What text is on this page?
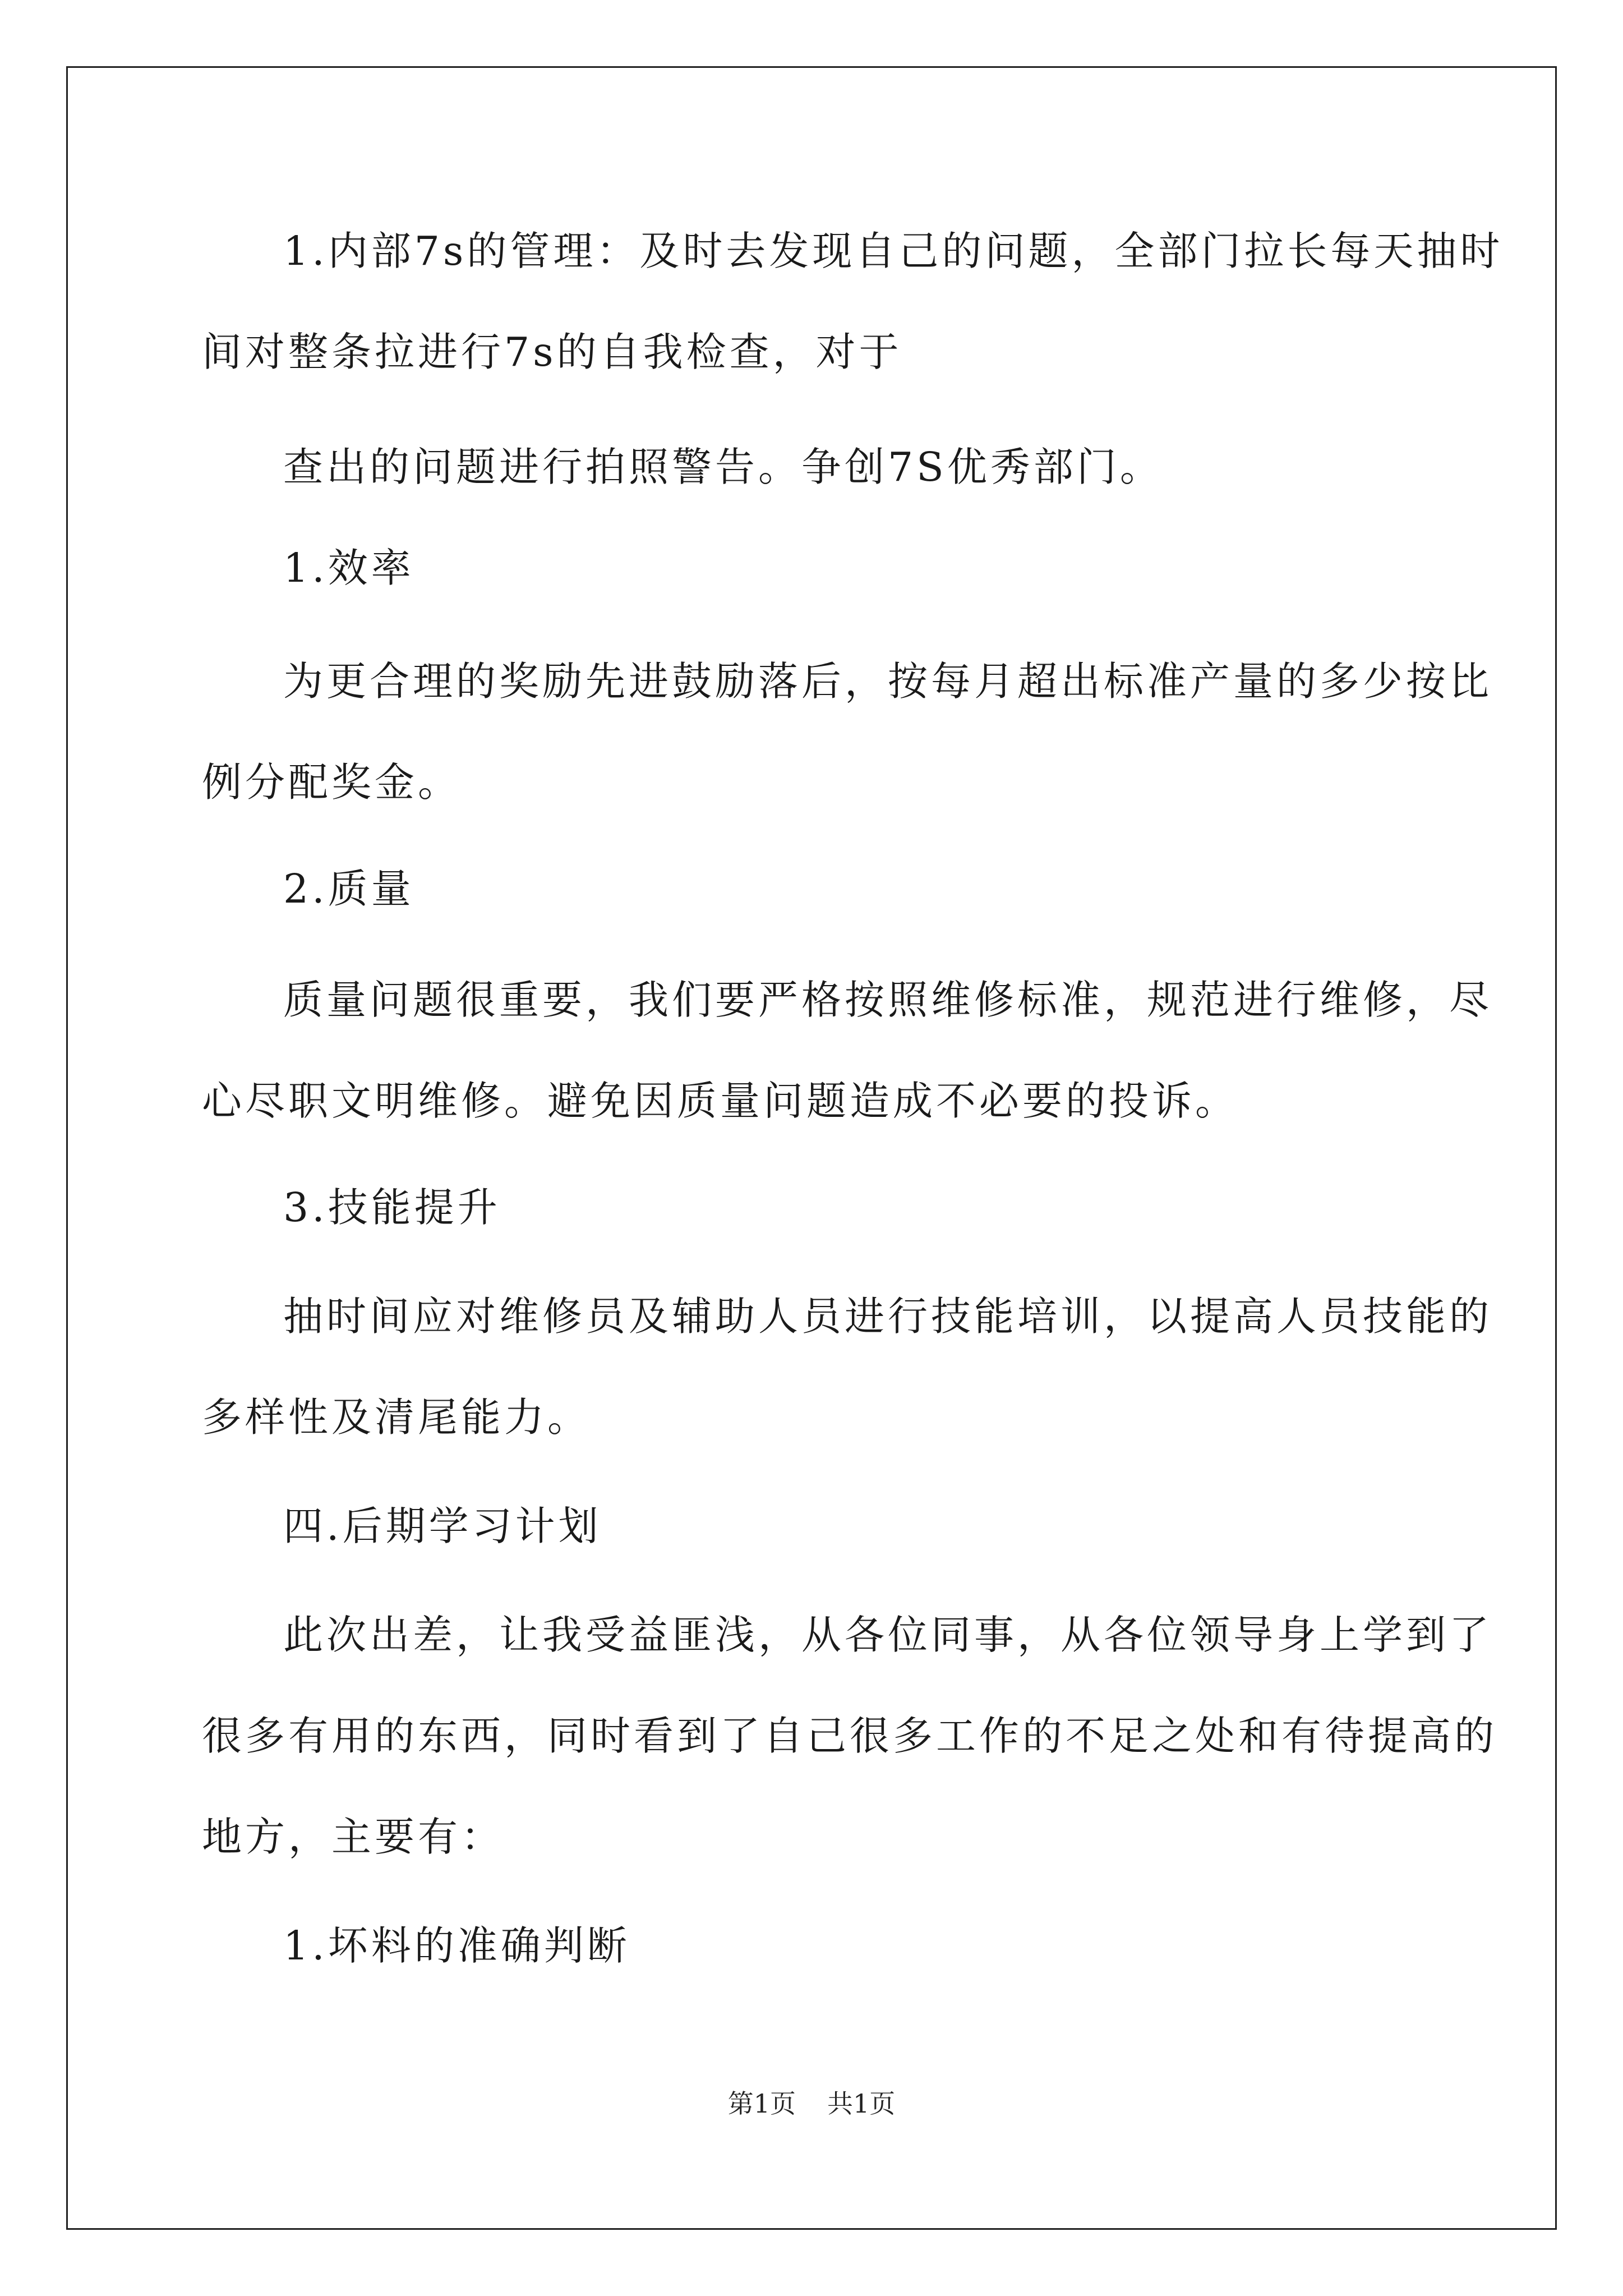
1.内部7s的管理：及时去发现自己的问题，全部门拉长每天抽时
间对整条拉进行7s的自我检查，对于
查出的问题进行拍照警告。争创7S优秀部门。
1.效率
为更合理的奖励先进鼓励落后，按每月超出标准产量的多少按比
例分配奖金。
2.质量
质量问题很重要，我们要严格按照维修标准，规范进行维修，尽
心尽职文明维修。避免因质量问题造成不必要的投诉。
3.技能提升
抽时间应对维修员及辅助人员进行技能培训，以提高人员技能的
多样性及清尾能力。
四.后期学习计划
此次出差，让我受益匪浅，从各位同事，从各位领导身上学到了
很多有用的东西，同时看到了自己很多工作的不足之处和有待提高的
地方，主要有：
1.坏料的准确判断
第1页 共1页
